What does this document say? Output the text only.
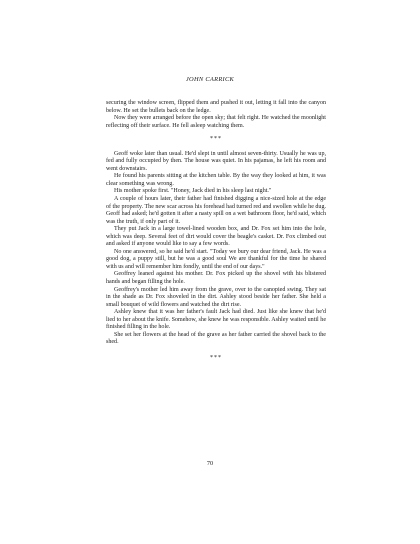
JOHN CARRICK

securing the window screen, flipped them and pushed it out, letting it fall into the canyon below. He set the bullets back on the ledge.

Now they were arranged before the open sky; that felt right. He watched the moonlight reflecting off their surface. He fell asleep watching them.

***

Geoff woke later than usual. He'd slept in until almost seven-thirty. Usually he was up, fed and fully occupied by then. The house was quiet. In his pajamas, he left his room and went downstairs.

He found his parents sitting at the kitchen table. By the way they looked at him, it was clear something was wrong.

His mother spoke first. "Honey, Jack died in his sleep last night."

A couple of hours later, their father had finished digging a nice-sized hole at the edge of the property. The new scar across his forehead had turned red and swollen while he dug. Geoff had asked; he'd gotten it after a nasty spill on a wet bathroom floor, he'd said, which was the truth, if only part of it.

They put Jack in a large towel-lined wooden box, and Dr. Fox set him into the hole, which was deep. Several feet of dirt would cover the beagle's casket. Dr. Fox climbed out and asked if anyone would like to say a few words.

No one answered, so he said he'd start. "Today we bury our dear friend, Jack. He was a good dog, a puppy still, but he was a good soul We are thankful for the time he shared with us and will remember him fondly, until the end of our days."

Geoffrey leaned against his mother. Dr. Fox picked up the shovel with his blistered hands and began filling the hole.

Geoffrey's mother led him away from the grave, over to the canopied swing. They sat in the shade as Dr. Fox shoveled in the dirt. Ashley stood beside her father. She held a small bouquet of wild flowers and watched the dirt rise.

Ashley knew that it was her father's fault Jack had died. Just like she knew that he'd lied to her about the knife. Somehow, she knew he was responsible. Ashley waited until he finished filling in the hole.

She set her flowers at the head of the grave as her father carried the shovel back to the shed.

***
70
